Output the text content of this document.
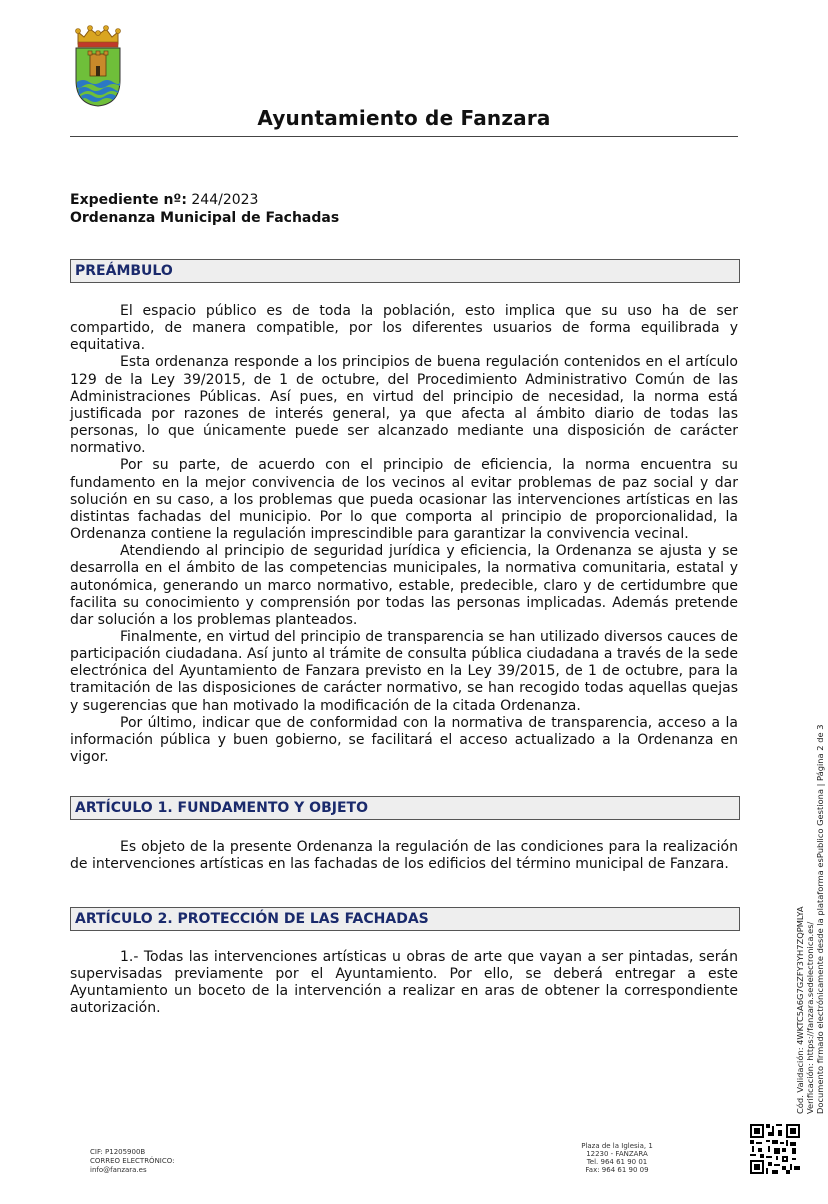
Ayuntamiento de Fanzara
Expediente nº: 244/2023
Ordenanza Municipal de Fachadas
PREÁMBULO

El espacio público es de toda la población, esto implica que su uso ha de ser compartido, de manera compatible, por los diferentes usuarios de forma equilibrada y equitativa.

Esta ordenanza responde a los principios de buena regulación contenidos en el artículo 129 de la Ley 39/2015, de 1 de octubre, del Procedimiento Administrativo Común de las Administraciones Públicas. Así pues, en virtud del principio de necesidad, la norma está justificada por razones de interés general, ya que afecta al ámbito diario de todas las personas, lo que únicamente puede ser alcanzado mediante una disposición de carácter normativo.

Por su parte, de acuerdo con el principio de eficiencia, la norma encuentra su fundamento en la mejor convivencia de los vecinos al evitar problemas de paz social y dar solución en su caso, a los problemas que pueda ocasionar las intervenciones artísticas en las distintas fachadas del municipio. Por lo que comporta al principio de proporcionalidad, la Ordenanza contiene la regulación imprescindible para garantizar la convivencia vecinal.

Atendiendo al principio de seguridad jurídica y eficiencia, la Ordenanza se ajusta y se desarrolla en el ámbito de las competencias municipales, la normativa comunitaria, estatal y autonómica, generando un marco normativo, estable, predecible, claro y de certidumbre que facilita su conocimiento y comprensión por todas las personas implicadas. Además pretende dar solución a los problemas planteados.

Finalmente, en virtud del principio de transparencia se han utilizado diversos cauces de participación ciudadana. Así junto al trámite de consulta pública ciudadana a través de la sede electrónica del Ayuntamiento de Fanzara previsto en la Ley 39/2015, de 1 de octubre, para la tramitación de las disposiciones de carácter normativo, se han recogido todas aquellas quejas y sugerencias que han motivado la modificación de la citada Ordenanza.

Por último, indicar que de conformidad con la normativa de transparencia, acceso a la información pública y buen gobierno, se facilitará el acceso actualizado a la Ordenanza en vigor.

ARTÍCULO 1. FUNDAMENTO Y OBJETO

Es objeto de la presente Ordenanza la regulación de las condiciones para la realización de intervenciones artísticas en las fachadas de los edificios del término municipal de Fanzara.

ARTÍCULO 2. PROTECCIÓN DE LAS FACHADAS

1.- Todas las intervenciones artísticas u obras de arte que vayan a ser pintadas, serán supervisadas previamente por el Ayuntamiento. Por ello, se deberá entregar a este Ayuntamiento un boceto de la intervención a realizar en aras de obtener la correspondiente autorización.	Cód. Validación: 4WKTC5A6G7GZFY3YH7ZQPMLYA Verificación: https://fanzara.sedelectronica.es/ Documento firmado electrónicamente desde la plataforma esPublico Gestiona | Página 2 de 3
CIF: P1205900B
CORREO ELECTRÓNICO:
info@fanzara.es
Plaza de la Iglesia, 1
12230 - FANZARA
Tel. 964 61 90 01
Fax: 964 61 90 09
